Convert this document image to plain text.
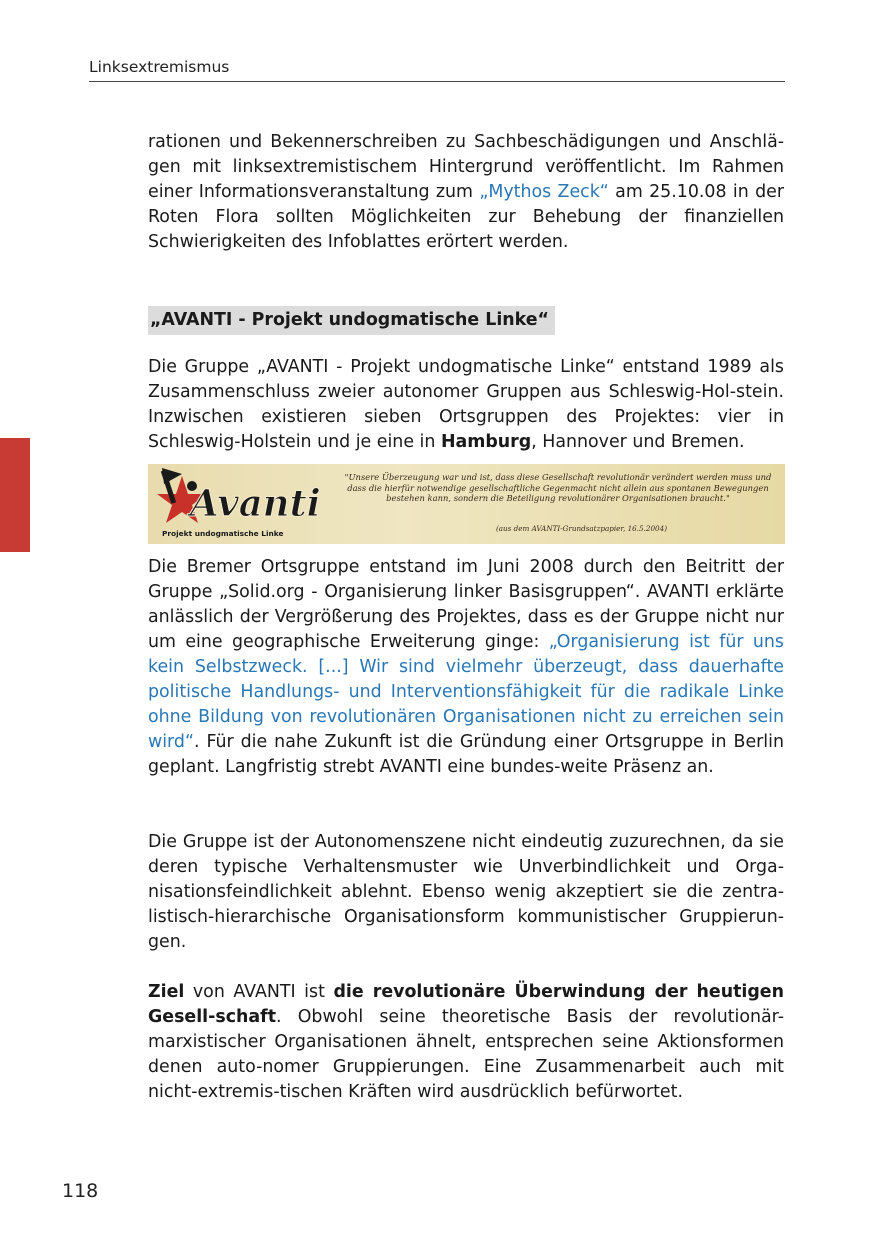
Linksextremismus

rationen und Bekennerschreiben zu Sachbeschädigungen und Anschlä-gen mit linksextremistischem Hintergrund veröffentlicht. Im Rahmen einer Informationsveranstaltung zum „Mythos Zeck“ am 25.10.08 in der Roten Flora sollten Möglichkeiten zur Behebung der finanziellen Schwierigkeiten des Infoblattes erörtert werden.

„AVANTI - Projekt undogmatische Linke“

Die Gruppe „AVANTI - Projekt undogmatische Linke“ entstand 1989 als Zusammenschluss zweier autonomer Gruppen aus Schleswig-Hol-stein. Inzwischen existieren sieben Ortsgruppen des Projektes: vier in Schleswig-Holstein und je eine in Hamburg, Hannover und Bremen.

Avanti
Projekt undogmatische Linke
"Unsere Überzeugung war und ist, dass diese Gesellschaft revolutionär verändert werden muss und dass die hierfür notwendige gesellschaftliche Gegenmacht nicht allein aus spontanen Bewegungen bestehen kann, sondern die Beteiligung revolutionärer Organisationen braucht."
(aus dem AVANTI-Grundsatzpapier, 16.5.2004)

Die Bremer Ortsgruppe entstand im Juni 2008 durch den Beitritt der Gruppe „Solid.org - Organisierung linker Basisgruppen“. AVANTI erklärte anlässlich der Vergrößerung des Projektes, dass es der Gruppe nicht nur um eine geographische Erweiterung ginge: „Organisierung ist für uns kein Selbstzweck. [...] Wir sind vielmehr überzeugt, dass dauerhafte politische Handlungs- und Interventionsfähigkeit für die radikale Linke ohne Bildung von revolutionären Organisationen nicht zu erreichen sein wird“. Für die nahe Zukunft ist die Gründung einer Ortsgruppe in Berlin geplant. Langfristig strebt AVANTI eine bundes-weite Präsenz an.

Die Gruppe ist der Autonomenszene nicht eindeutig zuzurechnen, da sie deren typische Verhaltensmuster wie Unverbindlichkeit und Orga-nisationsfeindlichkeit ablehnt. Ebenso wenig akzeptiert sie die zentra-listisch-hierarchische Organisationsform kommunistischer Gruppierun-gen.

Ziel von AVANTI ist die revolutionäre Überwindung der heutigen Gesell-schaft. Obwohl seine theoretische Basis der revolutionär-marxistischer Organisationen ähnelt, entsprechen seine Aktionsformen denen auto-nomer Gruppierungen. Eine Zusammenarbeit auch mit nicht-extremis-tischen Kräften wird ausdrücklich befürwortet.

118
